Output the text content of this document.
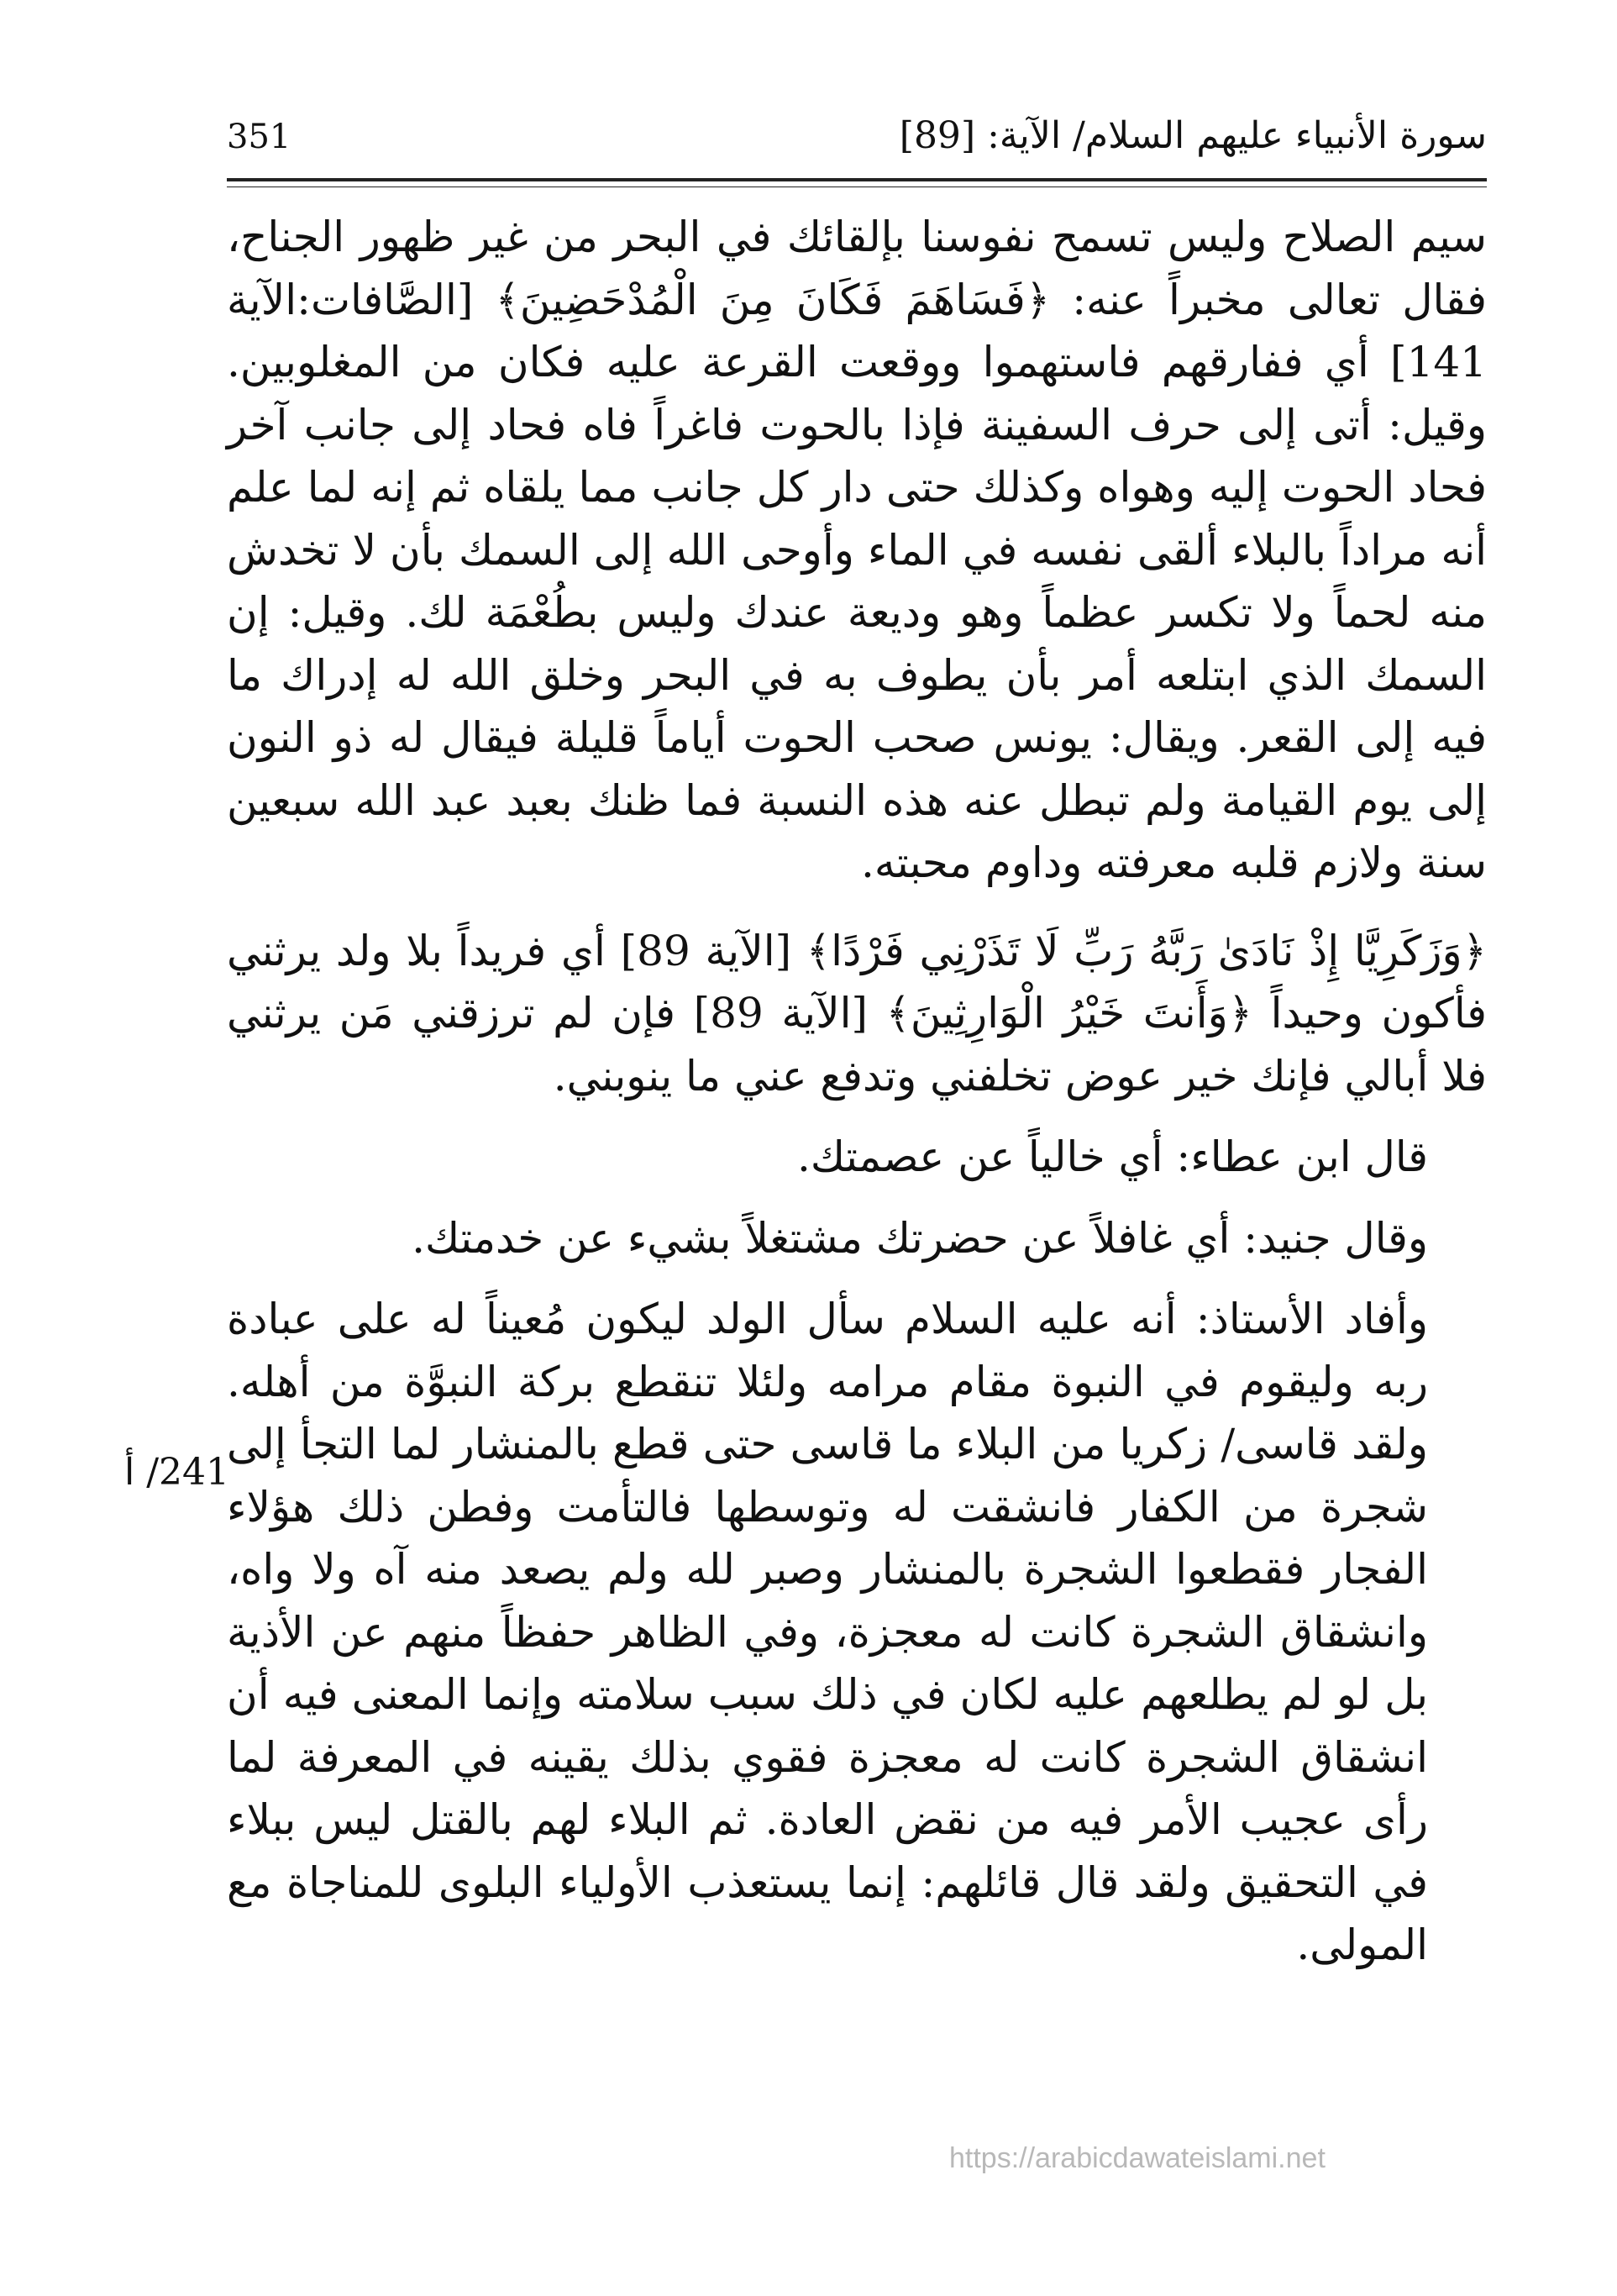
351	سورة الأنبياء عليهم السلام/ الآية: [89]

سيم الصلاح وليس تسمح نفوسنا بإلقائك في البحر من غير ظهور الجناح، فقال تعالى مخبراً عنه: ﴿فَسَاهَمَ فَكَانَ مِنَ الْمُدْحَضِينَ﴾ [الصَّافات:الآية 141] أي ففارقهم فاستهموا ووقعت القرعة عليه فكان من المغلوبين. وقيل: أتى إلى حرف السفينة فإذا بالحوت فاغراً فاه فحاد إلى جانب آخر فحاد الحوت إليه وهواه وكذلك حتى دار كل جانب مما يلقاه ثم إنه لما علم أنه مراداً بالبلاء ألقى نفسه في الماء وأوحى الله إلى السمك بأن لا تخدش منه لحماً ولا تكسر عظماً وهو وديعة عندك وليس بطُعْمَة لك. وقيل: إن السمك الذي ابتلعه أمر بأن يطوف به في البحر وخلق الله له إدراك ما فيه إلى القعر. ويقال: يونس صحب الحوت أياماً قليلة فيقال له ذو النون إلى يوم القيامة ولم تبطل عنه هذه النسبة فما ظنك بعبد عبد الله سبعين سنة ولازم قلبه معرفته وداوم محبته.

﴿وَزَكَرِيَّا إِذْ نَادَىٰ رَبَّهُ رَبِّ لَا تَذَرْنِي فَرْدًا﴾ [الآية 89] أي فريداً بلا ولد يرثني فأكون وحيداً ﴿وَأَنتَ خَيْرُ الْوَارِثِينَ﴾ [الآية 89] فإن لم ترزقني مَن يرثني فلا أبالي فإنك خير عوض تخلفني وتدفع عني ما ينوبني.

قال ابن عطاء: أي خالياً عن عصمتك.

وقال جنيد: أي غافلاً عن حضرتك مشتغلاً بشيء عن خدمتك.

وأفاد الأستاذ: أنه عليه السلام سأل الولد ليكون مُعيناً له على عبادة ربه وليقوم في النبوة مقام مرامه ولئلا تنقطع بركة النبوَّة من أهله. ولقد قاسى/ زكريا من البلاء ما قاسى حتى قطع بالمنشار لما التجأ إلى شجرة من الكفار فانشقت له وتوسطها فالتأمت وفطن ذلك هؤلاء الفجار فقطعوا الشجرة بالمنشار وصبر لله ولم يصعد منه آه ولا واه، وانشقاق الشجرة كانت له معجزة، وفي الظاهر حفظاً منهم عن الأذية بل لو لم يطلعهم عليه لكان في ذلك سبب سلامته وإنما المعنى فيه أن انشقاق الشجرة كانت له معجزة فقوي بذلك يقينه في المعرفة لما رأى عجيب الأمر فيه من نقض العادة. ثم البلاء لهم بالقتل ليس ببلاء في التحقيق ولقد قال قائلهم: إنما يستعذب الأولياء البلوى للمناجاة مع المولى.

241/ أ
https://arabicdawateislami.net
